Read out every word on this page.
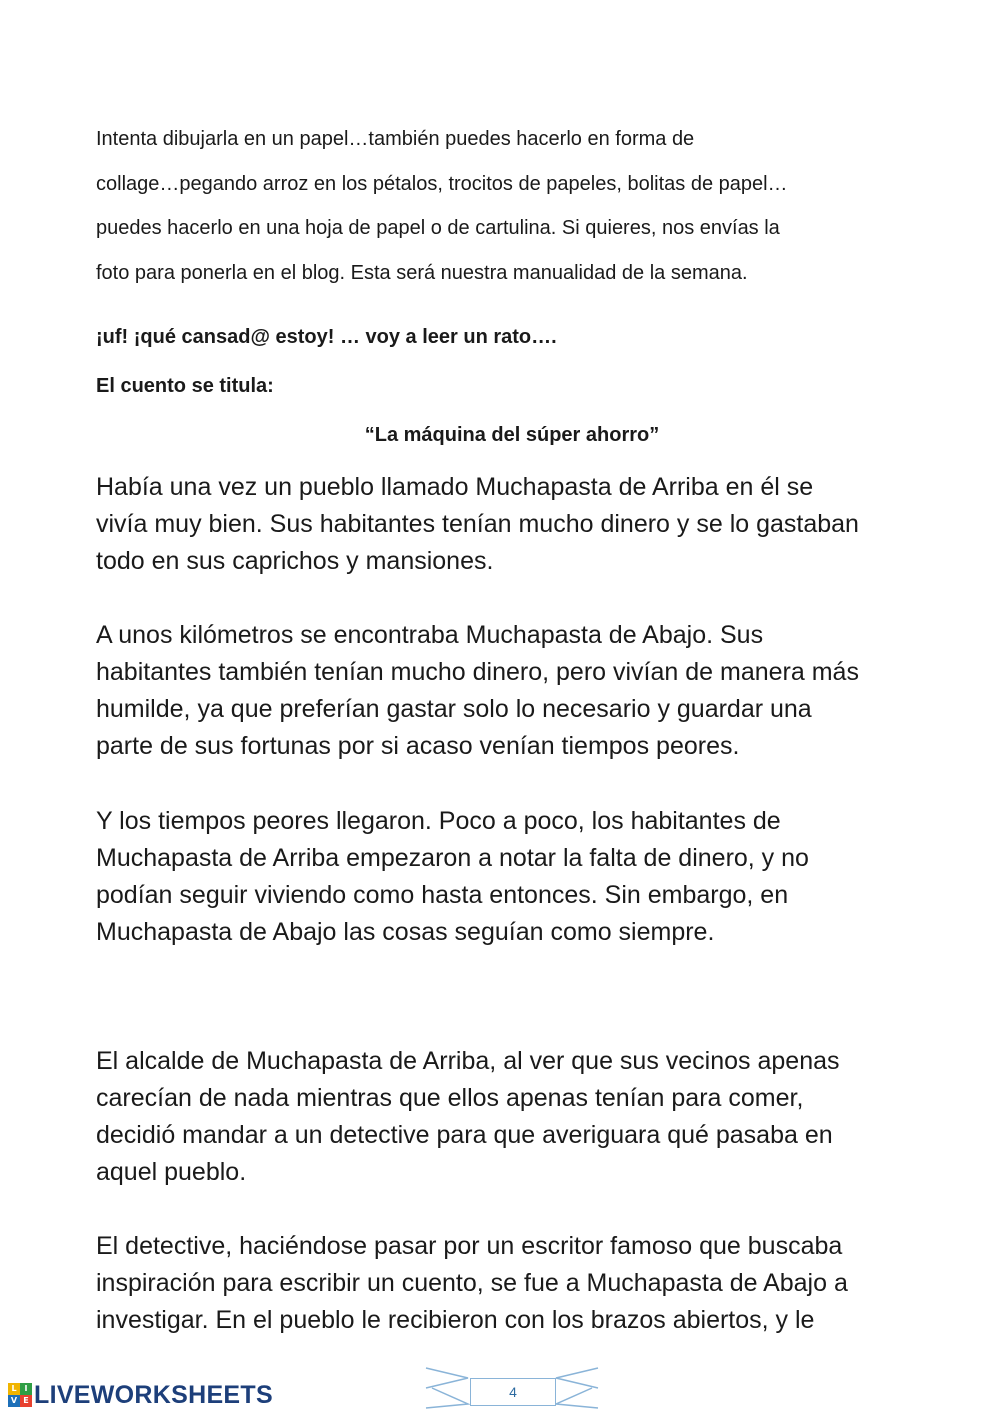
Intenta dibujarla en un papel…también puedes hacerlo en forma de
collage…pegando arroz en los pétalos, trocitos de papeles, bolitas de papel…
puedes hacerlo en una hoja de papel o de cartulina. Si quieres, nos envías la
foto para ponerla en el blog. Esta será nuestra manualidad de la semana.

¡uf! ¡qué cansad@ estoy! … voy a leer un rato….

El cuento se titula:

“La máquina del súper ahorro”

Había una vez un pueblo llamado Muchapasta de Arriba en él se
vivía muy bien. Sus habitantes tenían mucho dinero y se lo gastaban
todo en sus caprichos y mansiones.

A unos kilómetros se encontraba Muchapasta de Abajo. Sus
habitantes también tenían mucho dinero, pero vivían de manera más
humilde, ya que preferían gastar solo lo necesario y guardar una
parte de sus fortunas por si acaso venían tiempos peores.

Y los tiempos peores llegaron. Poco a poco, los habitantes de
Muchapasta de Arriba empezaron a notar la falta de dinero, y no
podían seguir viviendo como hasta entonces. Sin embargo, en
Muchapasta de Abajo las cosas seguían como siempre.

El alcalde de Muchapasta de Arriba, al ver que sus vecinos apenas
carecían de nada mientras que ellos apenas tenían para comer,
decidió mandar a un detective para que averiguara qué pasaba en
aquel pueblo.

El detective, haciéndose pasar por un escritor famoso que buscaba
inspiración para escribir un cuento, se fue a Muchapasta de Abajo a
investigar. En el pueblo le recibieron con los brazos abiertos, y le

L I
V E LIVEWORKSHEETS	4
